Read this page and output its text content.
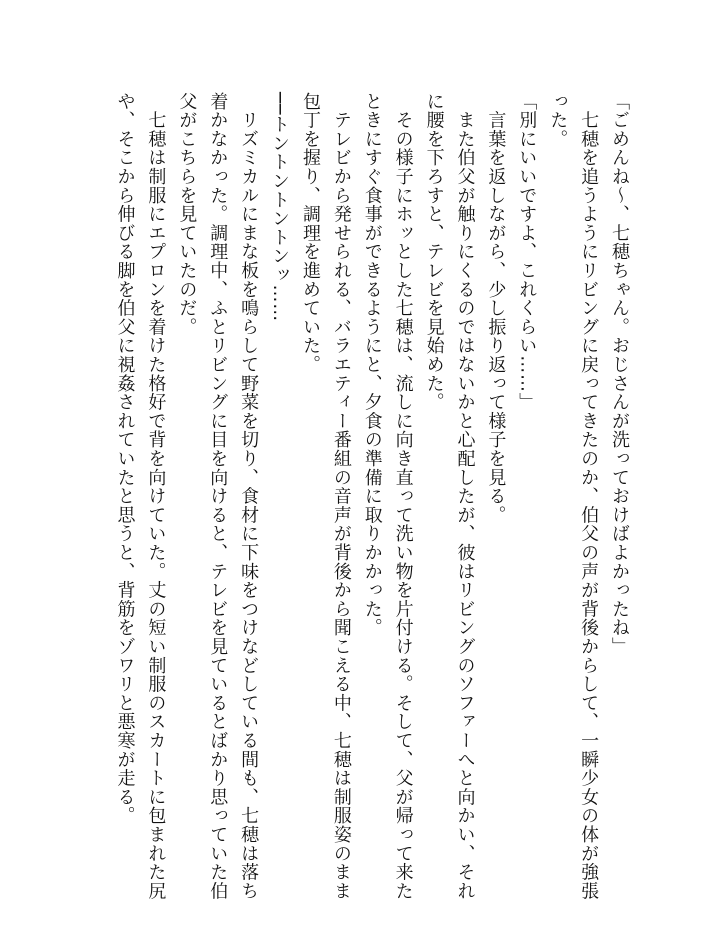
「ごめんね～、七穂ちゃん。おじさんが洗っておけばよかったね」
　七穂を追うようにリビングに戻ってきたのか、伯父の声が背後からして、一瞬少女の体が強張
った。
「別にいいですよ、これくらい……」
　言葉を返しながら、少し振り返って様子を見る。
　また伯父が触りにくるのではないかと心配したが、彼はリビングのソファーへと向かい、それ
に腰を下ろすと、テレビを見始めた。
　その様子にホッとした七穂は、流しに向き直って洗い物を片付ける。そして、父が帰って来た
ときにすぐ食事ができるようにと、夕食の準備に取りかかった。
　テレビから発せられる、バラエティー番組の音声が背後から聞こえる中、七穂は制服姿のまま
包丁を握り、調理を進めていた。
──トントントントンッ……
　リズミカルにまな板を鳴らして野菜を切り、食材に下味をつけなどしている間も、七穂は落ち
着かなかった。調理中、ふとリビングに目を向けると、テレビを見ているとばかり思っていた伯
父がこちらを見ていたのだ。
　七穂は制服にエプロンを着けた格好で背を向けていた。丈の短い制服のスカートに包まれた尻
や、そこから伸びる脚を伯父に視姦されていたと思うと、背筋をゾワリと悪寒が走る。
